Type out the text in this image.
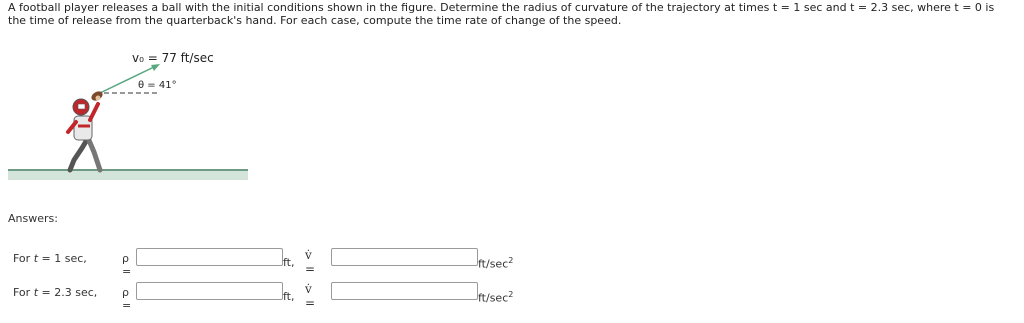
A football player releases a ball with the initial conditions shown in the figure. Determine the radius of curvature of the trajectory at times t = 1 sec and t = 2.3 sec, where t = 0 is the time of release from the quarterback's hand. For each case, compute the time rate of change of the speed.
v₀ = 77 ft/sec
θ = 41°
Answers:
For t = 1 sec,	ρ =
ft,
v̇ =	$ft/\sec^2$
For t = 2.3 sec, ρ =
ft,
v̇ =	$ft/\sec^2$
